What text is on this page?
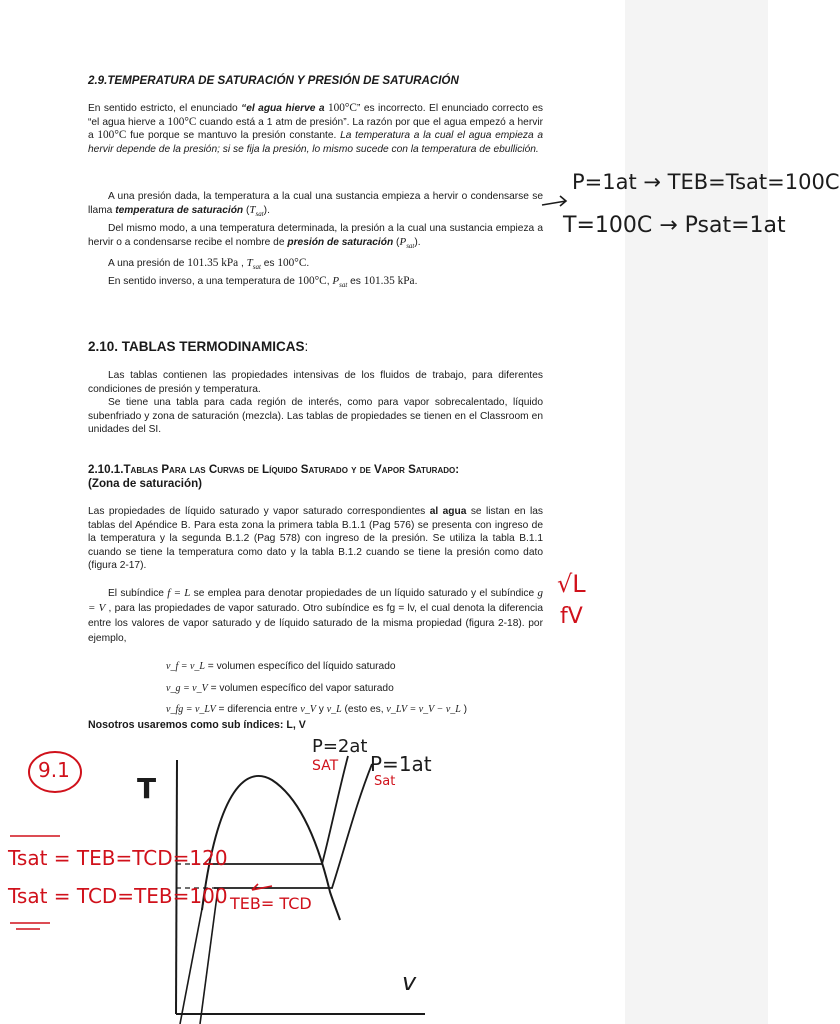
2.9.TEMPERATURA DE SATURACIÓN Y PRESIÓN DE SATURACIÓN
En sentido estricto, el enunciado “el agua hierve a 100°C” es incorrecto. El enunciado correcto es “el agua hierve a 100°C cuando está a 1 atm de presión”. La razón por que el agua empezó a hervir a 100°C fue porque se mantuvo la presión constante. La temperatura a la cual el agua empieza a hervir depende de la presión; si se fija la presión, lo mismo sucede con la temperatura de ebullición.
A una presión dada, la temperatura a la cual una sustancia empieza a hervir o condensarse se llama temperatura de saturación $(T_{sat})$.
Del mismo modo, a una temperatura determinada, la presión a la cual una sustancia empieza a hervir o a condensarse recibe el nombre de presión de saturación $(P_{sat})$.
A una presión de 101.35 kPa , $T_{sat}$ es 100°C.
En sentido inverso, a una temperatura de 100°C, $P_{sat}$ es 101.35 kPa.
2.10. TABLAS TERMODINAMICAS:
Las tablas contienen las propiedades intensivas de los fluidos de trabajo, para diferentes condiciones de presión y temperatura.
Se tiene una tabla para cada región de interés, como para vapor sobrecalentado, líquido subenfriado y zona de saturación (mezcla). Las tablas de propiedades se tienen en el Classroom en unidades del SI.
2.10.1.Tablas Para las Curvas de Líquido Saturado y de Vapor Saturado:
(Zona de saturación)
Las propiedades de líquido saturado y vapor saturado correspondientes al agua se listan en las tablas del Apéndice B. Para esta zona la primera tabla B.1.1 (Pag 576) se presenta con ingreso de la temperatura y la segunda B.1.2 (Pag 578) con ingreso de la presión. Se utiliza la tabla B.1.1 cuando se tiene la temperatura como dato y la tabla B.1.2 cuando se tiene la presión como dato (figura 2-17).
El subíndice f = L se emplea para denotar propiedades de un líquido saturado y el subíndice g = V , para las propiedades de vapor saturado. Otro subíndice es fg = lv, el cual denota la diferencia entre los valores de vapor saturado y de líquido saturado de la misma propiedad (figura 2-18). por ejemplo,
v_f = v_L = volumen específico del líquido saturado
v_g = v_V = volumen específico del vapor saturado
v_fg = v_LV = diferencia entre v_V y v_L (esto es, v_LV = v_V − v_L )
Nosotros usaremos como sub índices: L, V
P=1at → TEB=Tsat=100C
T=100C → Psat=1at
√L
fV
9.1
T
v
P=2at
SAT P=1at
Sat
Tsat = TEB=TCD=120
Tsat = TCD=TEB=100 TEB= TCD
